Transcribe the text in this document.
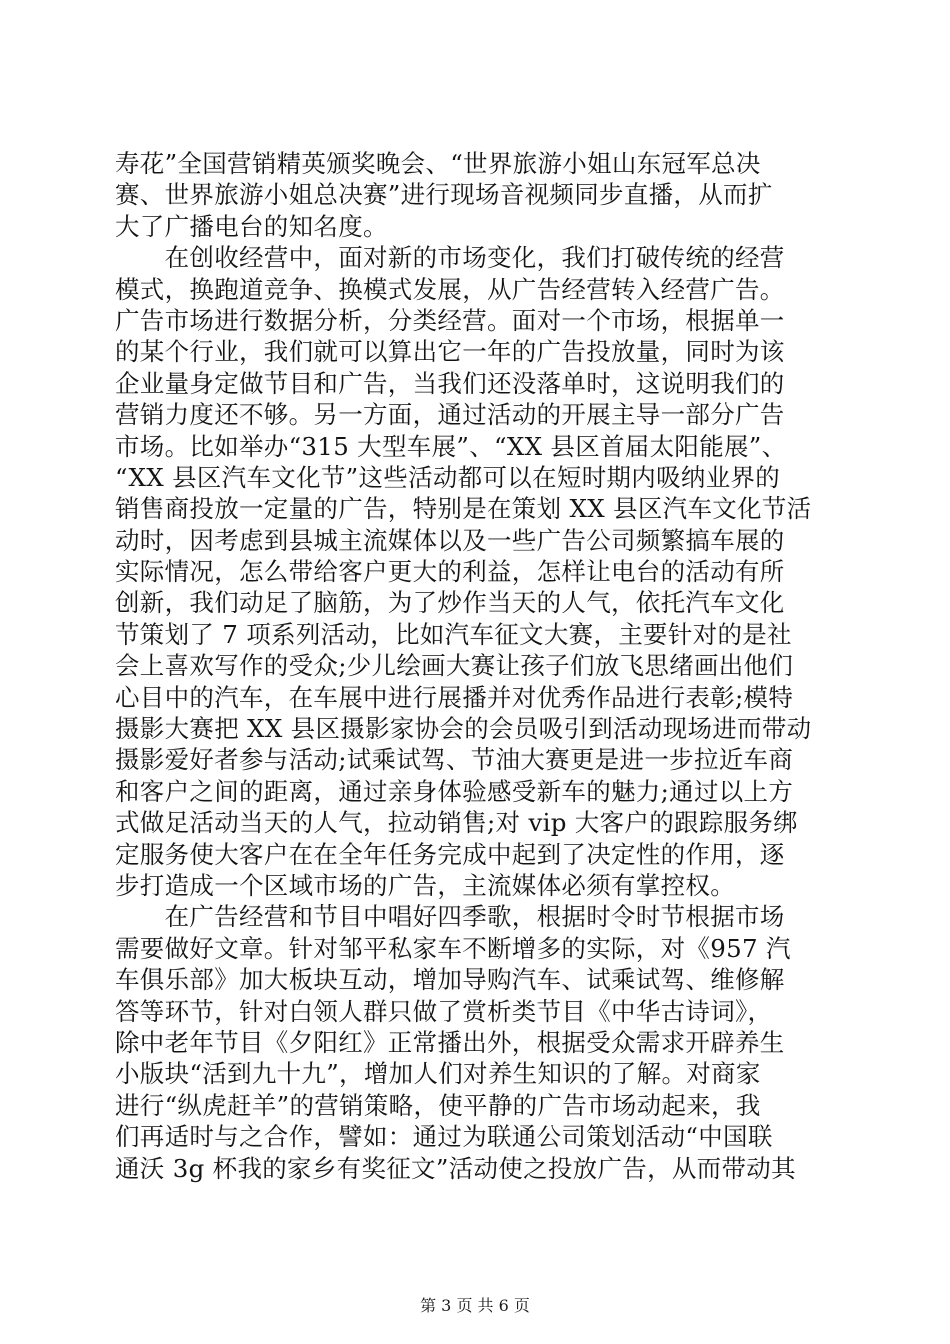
寿花”全国营销精英颁奖晚会、“世界旅游小姐山东冠军总决
赛、世界旅游小姐总决赛”进行现场音视频同步直播，从而扩
大了广播电台的知名度。
　　在创收经营中，面对新的市场变化，我们打破传统的经营
模式，换跑道竞争、换模式发展，从广告经营转入经营广告。
广告市场进行数据分析，分类经营。面对一个市场，根据单一
的某个行业，我们就可以算出它一年的广告投放量，同时为该
企业量身定做节目和广告，当我们还没落单时，这说明我们的
营销力度还不够。另一方面，通过活动的开展主导一部分广告
市场。比如举办“315 大型车展”、“XX 县区首届太阳能展”、
“XX 县区汽车文化节”这些活动都可以在短时期内吸纳业界的
销售商投放一定量的广告，特别是在策划 XX 县区汽车文化节活
动时，因考虑到县城主流媒体以及一些广告公司频繁搞车展的
实际情况，怎么带给客户更大的利益，怎样让电台的活动有所
创新，我们动足了脑筋，为了炒作当天的人气，依托汽车文化
节策划了 7 项系列活动，比如汽车征文大赛，主要针对的是社
会上喜欢写作的受众;少儿绘画大赛让孩子们放飞思绪画出他们
心目中的汽车，在车展中进行展播并对优秀作品进行表彰;模特
摄影大赛把 XX 县区摄影家协会的会员吸引到活动现场进而带动
摄影爱好者参与活动;试乘试驾、节油大赛更是进一步拉近车商
和客户之间的距离，通过亲身体验感受新车的魅力;通过以上方
式做足活动当天的人气，拉动销售;对 vip 大客户的跟踪服务绑
定服务使大客户在在全年任务完成中起到了决定性的作用，逐
步打造成一个区域市场的广告，主流媒体必须有掌控权。
　　在广告经营和节目中唱好四季歌，根据时令时节根据市场
需要做好文章。针对邹平私家车不断增多的实际，对《957 汽
车俱乐部》加大板块互动，增加导购汽车、试乘试驾、维修解
答等环节，针对白领人群只做了赏析类节目《中华古诗词》，
除中老年节目《夕阳红》正常播出外，根据受众需求开辟养生
小版块“活到九十九”，增加人们对养生知识的了解。对商家
进行“纵虎赶羊”的营销策略，使平静的广告市场动起来，我
们再适时与之合作，譬如：通过为联通公司策划活动“中国联
通沃 3g 杯我的家乡有奖征文”活动使之投放广告，从而带动其
第 3 页 共 6 页
